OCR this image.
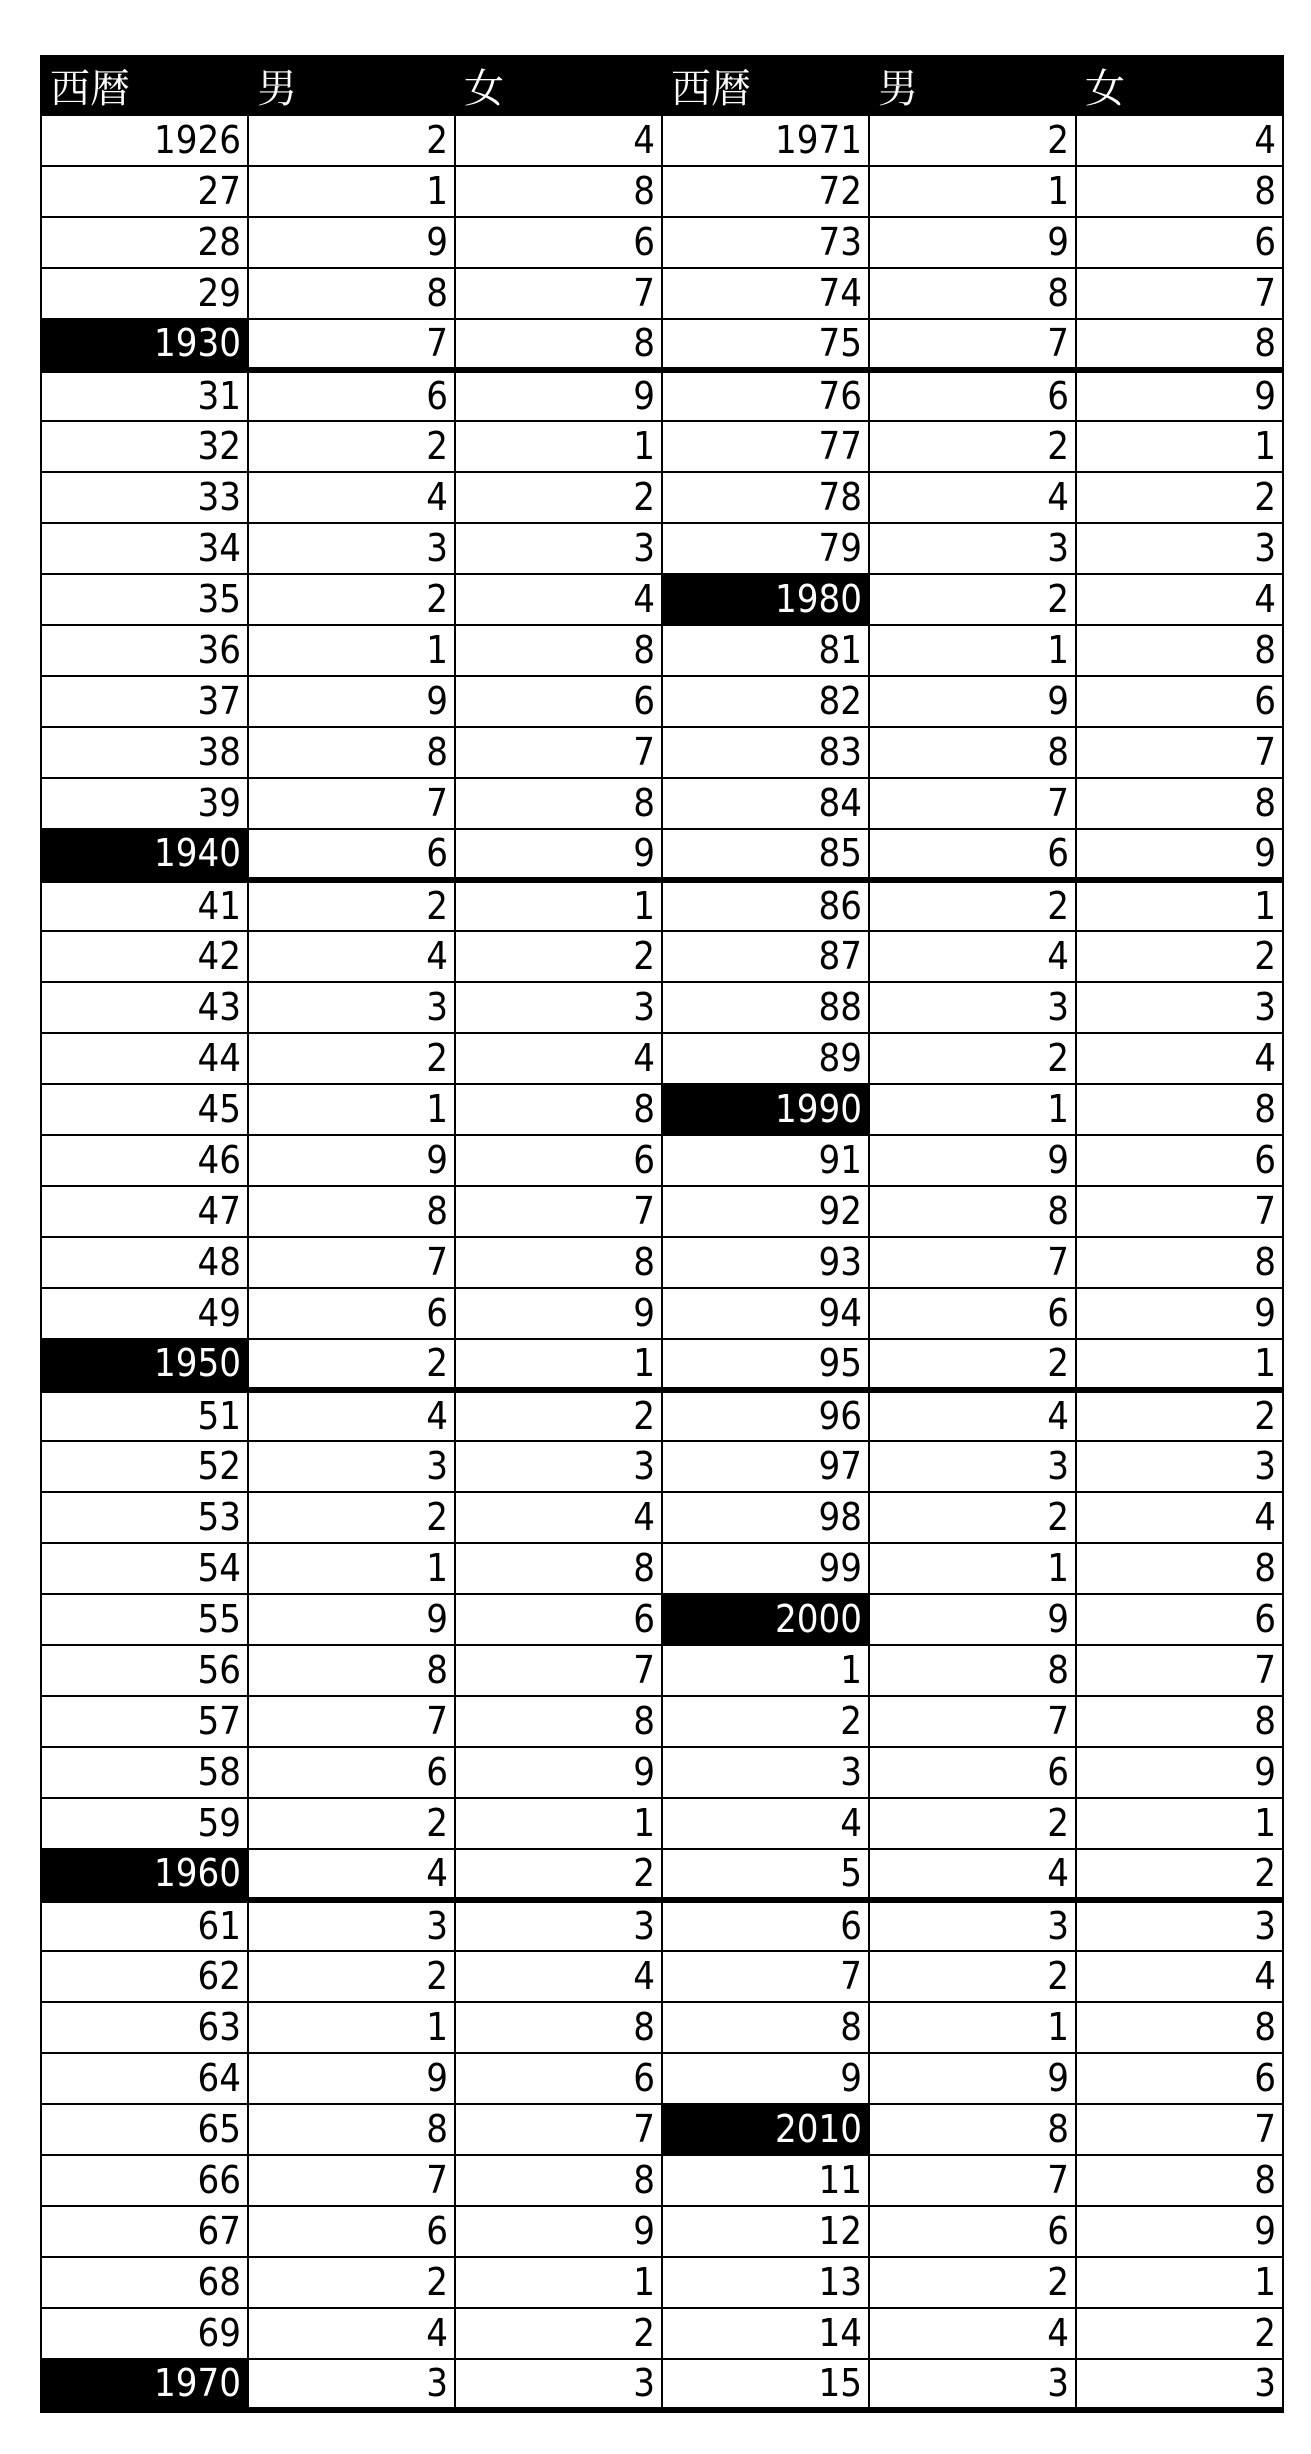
西暦	男	女	西暦	男	女
1926	2	4	1971	2	4
27	1	8	72	1	8
28	9	6	73	9	6
29	8	7	74	8	7
1930	7	8	75	7	8
31	6	9	76	6	9
32	2	1	77	2	1
33	4	2	78	4	2
34	3	3	79	3	3
35	2	4	1980	2	4
36	1	8	81	1	8
37	9	6	82	9	6
38	8	7	83	8	7
39	7	8	84	7	8
1940	6	9	85	6	9
41	2	1	86	2	1
42	4	2	87	4	2
43	3	3	88	3	3
44	2	4	89	2	4
45	1	8	1990	1	8
46	9	6	91	9	6
47	8	7	92	8	7
48	7	8	93	7	8
49	6	9	94	6	9
1950	2	1	95	2	1
51	4	2	96	4	2
52	3	3	97	3	3
53	2	4	98	2	4
54	1	8	99	1	8
55	9	6	2000	9	6
56	8	7	1	8	7
57	7	8	2	7	8
58	6	9	3	6	9
59	2	1	4	2	1
1960	4	2	5	4	2
61	3	3	6	3	3
62	2	4	7	2	4
63	1	8	8	1	8
64	9	6	9	9	6
65	8	7	2010	8	7
66	7	8	11	7	8
67	6	9	12	6	9
68	2	1	13	2	1
69	4	2	14	4	2
1970	3	3	15	3	3
